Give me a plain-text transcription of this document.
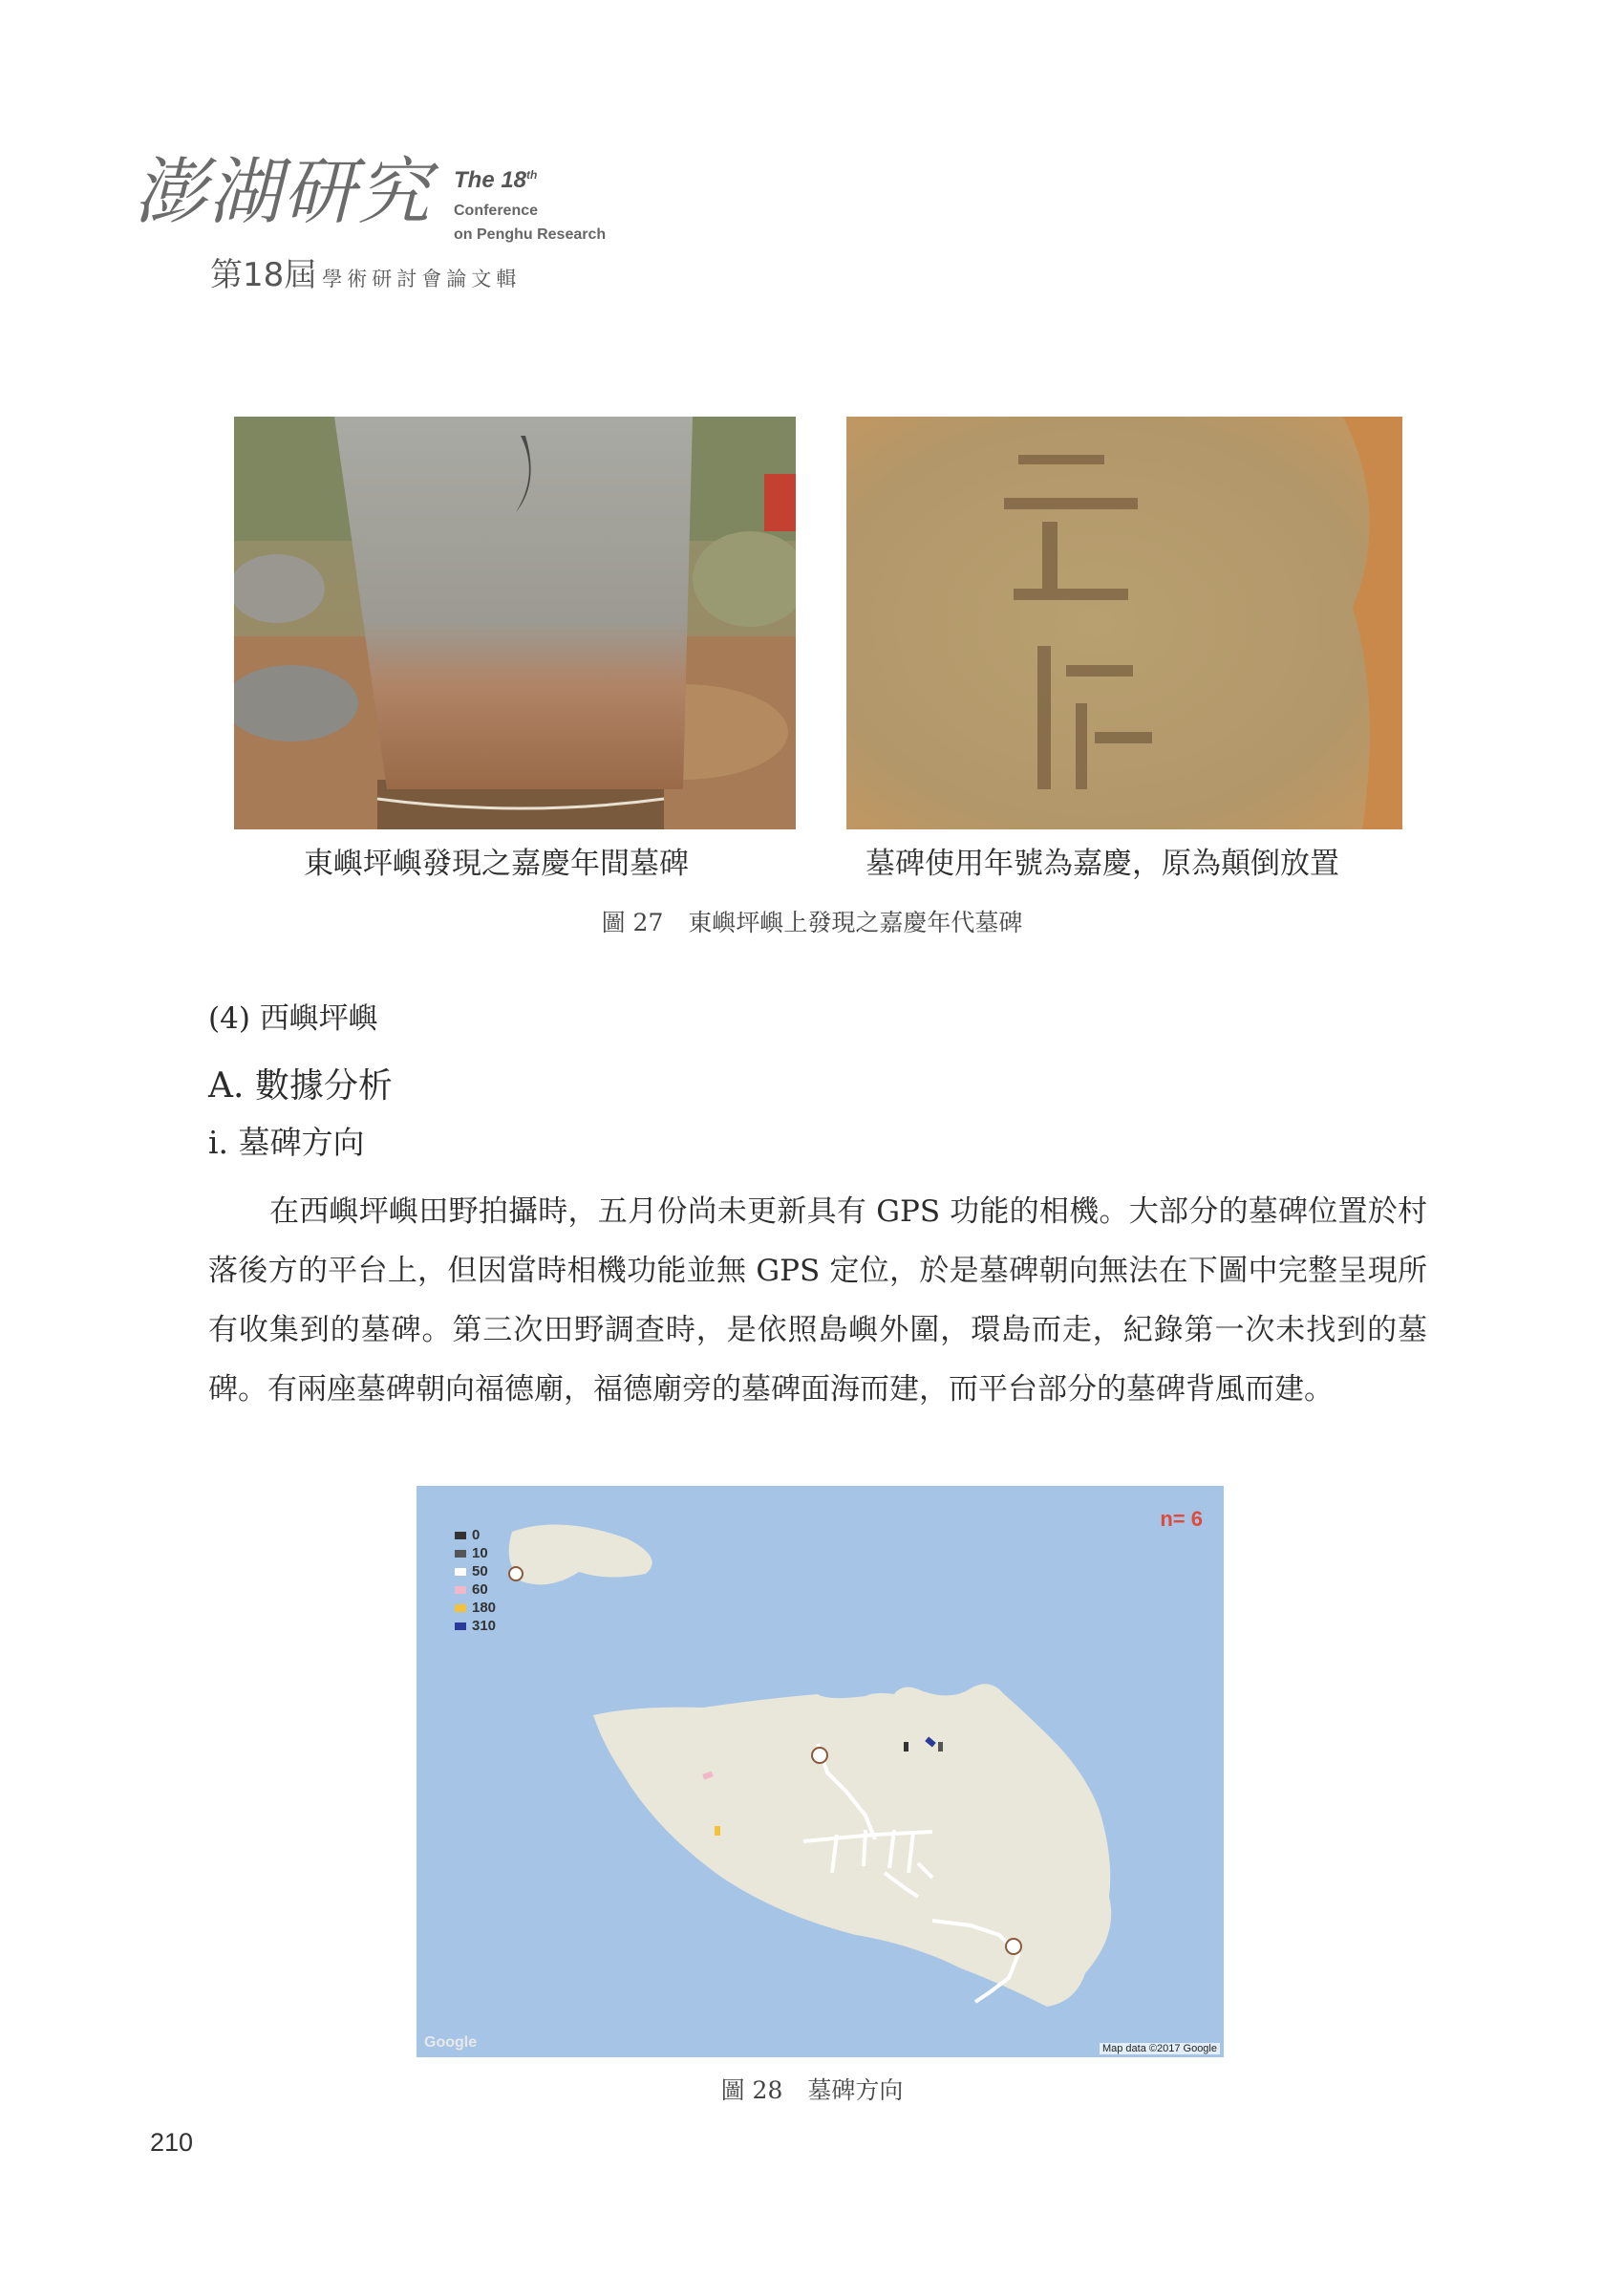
澎湖研究 The 18th
Conference
on Penghu Research
第18屆 學術研討會論文輯
東嶼坪嶼發現之嘉慶年間墓碑	墓碑使用年號為嘉慶，原為顛倒放置
圖 27 東嶼坪嶼上發現之嘉慶年代墓碑
(4) 西嶼坪嶼
A. 數據分析
i. 墓碑方向

在西嶼坪嶼田野拍攝時，五月份尚未更新具有 GPS 功能的相機。大部分的墓碑位置於村落後方的平台上，但因當時相機功能並無 GPS 定位，於是墓碑朝向無法在下圖中完整呈現所有收集到的墓碑。第三次田野調查時，是依照島嶼外圍，環島而走，紀錄第一次未找到的墓碑。有兩座墓碑朝向福德廟，福德廟旁的墓碑面海而建，而平台部分的墓碑背風而建。

n= 6
0
10
50
60
180
310
Google	Map data ©2017 Google
圖 28 墓碑方向
210
